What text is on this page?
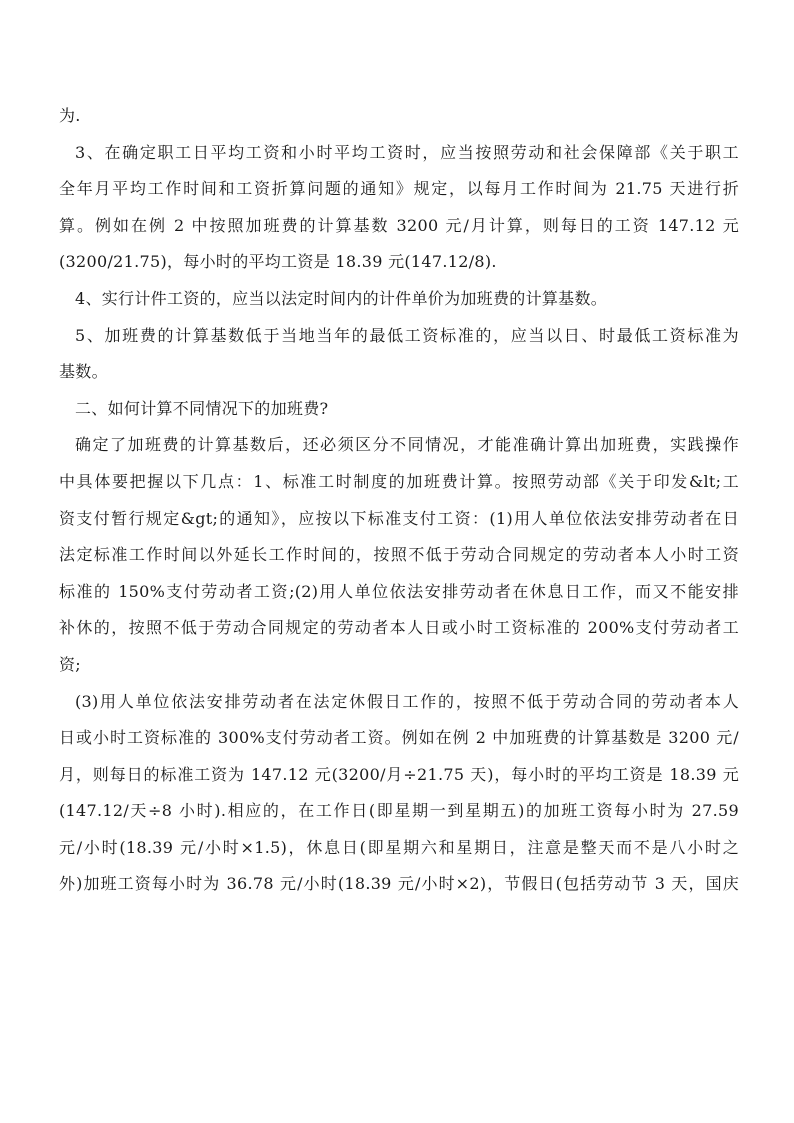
为.
3、在确定职工日平均工资和小时平均工资时，应当按照劳动和社会保障部《关于职工
全年月平均工作时间和工资折算问题的通知》规定，以每月工作时间为 21.75 天进行折
算。例如在例 2 中按照加班费的计算基数 3200 元/月计算，则每日的工资 147.12 元
(3200/21.75)，每小时的平均工资是 18.39 元(147.12/8).
4、实行计件工资的，应当以法定时间内的计件单价为加班费的计算基数。
5、加班费的计算基数低于当地当年的最低工资标准的，应当以日、时最低工资标准为
基数。
二、如何计算不同情况下的加班费?
确定了加班费的计算基数后，还必须区分不同情况，才能准确计算出加班费，实践操作
中具体要把握以下几点：1、标准工时制度的加班费计算。按照劳动部《关于印发&lt;工
资支付暂行规定&gt;的通知》，应按以下标准支付工资：(1)用人单位依法安排劳动者在日
法定标准工作时间以外延长工作时间的，按照不低于劳动合同规定的劳动者本人小时工资
标准的 150%支付劳动者工资;(2)用人单位依法安排劳动者在休息日工作，而又不能安排
补休的，按照不低于劳动合同规定的劳动者本人日或小时工资标准的 200%支付劳动者工
资;
(3)用人单位依法安排劳动者在法定休假日工作的，按照不低于劳动合同的劳动者本人
日或小时工资标准的 300%支付劳动者工资。例如在例 2 中加班费的计算基数是 3200 元/
月，则每日的标准工资为 147.12 元(3200/月÷21.75 天)，每小时的平均工资是 18.39 元
(147.12/天÷8 小时).相应的，在工作日(即星期一到星期五)的加班工资每小时为 27.59
元/小时(18.39 元/小时×1.5)，休息日(即星期六和星期日，注意是整天而不是八小时之
外)加班工资每小时为 36.78 元/小时(18.39 元/小时×2)，节假日(包括劳动节 3 天，国庆
